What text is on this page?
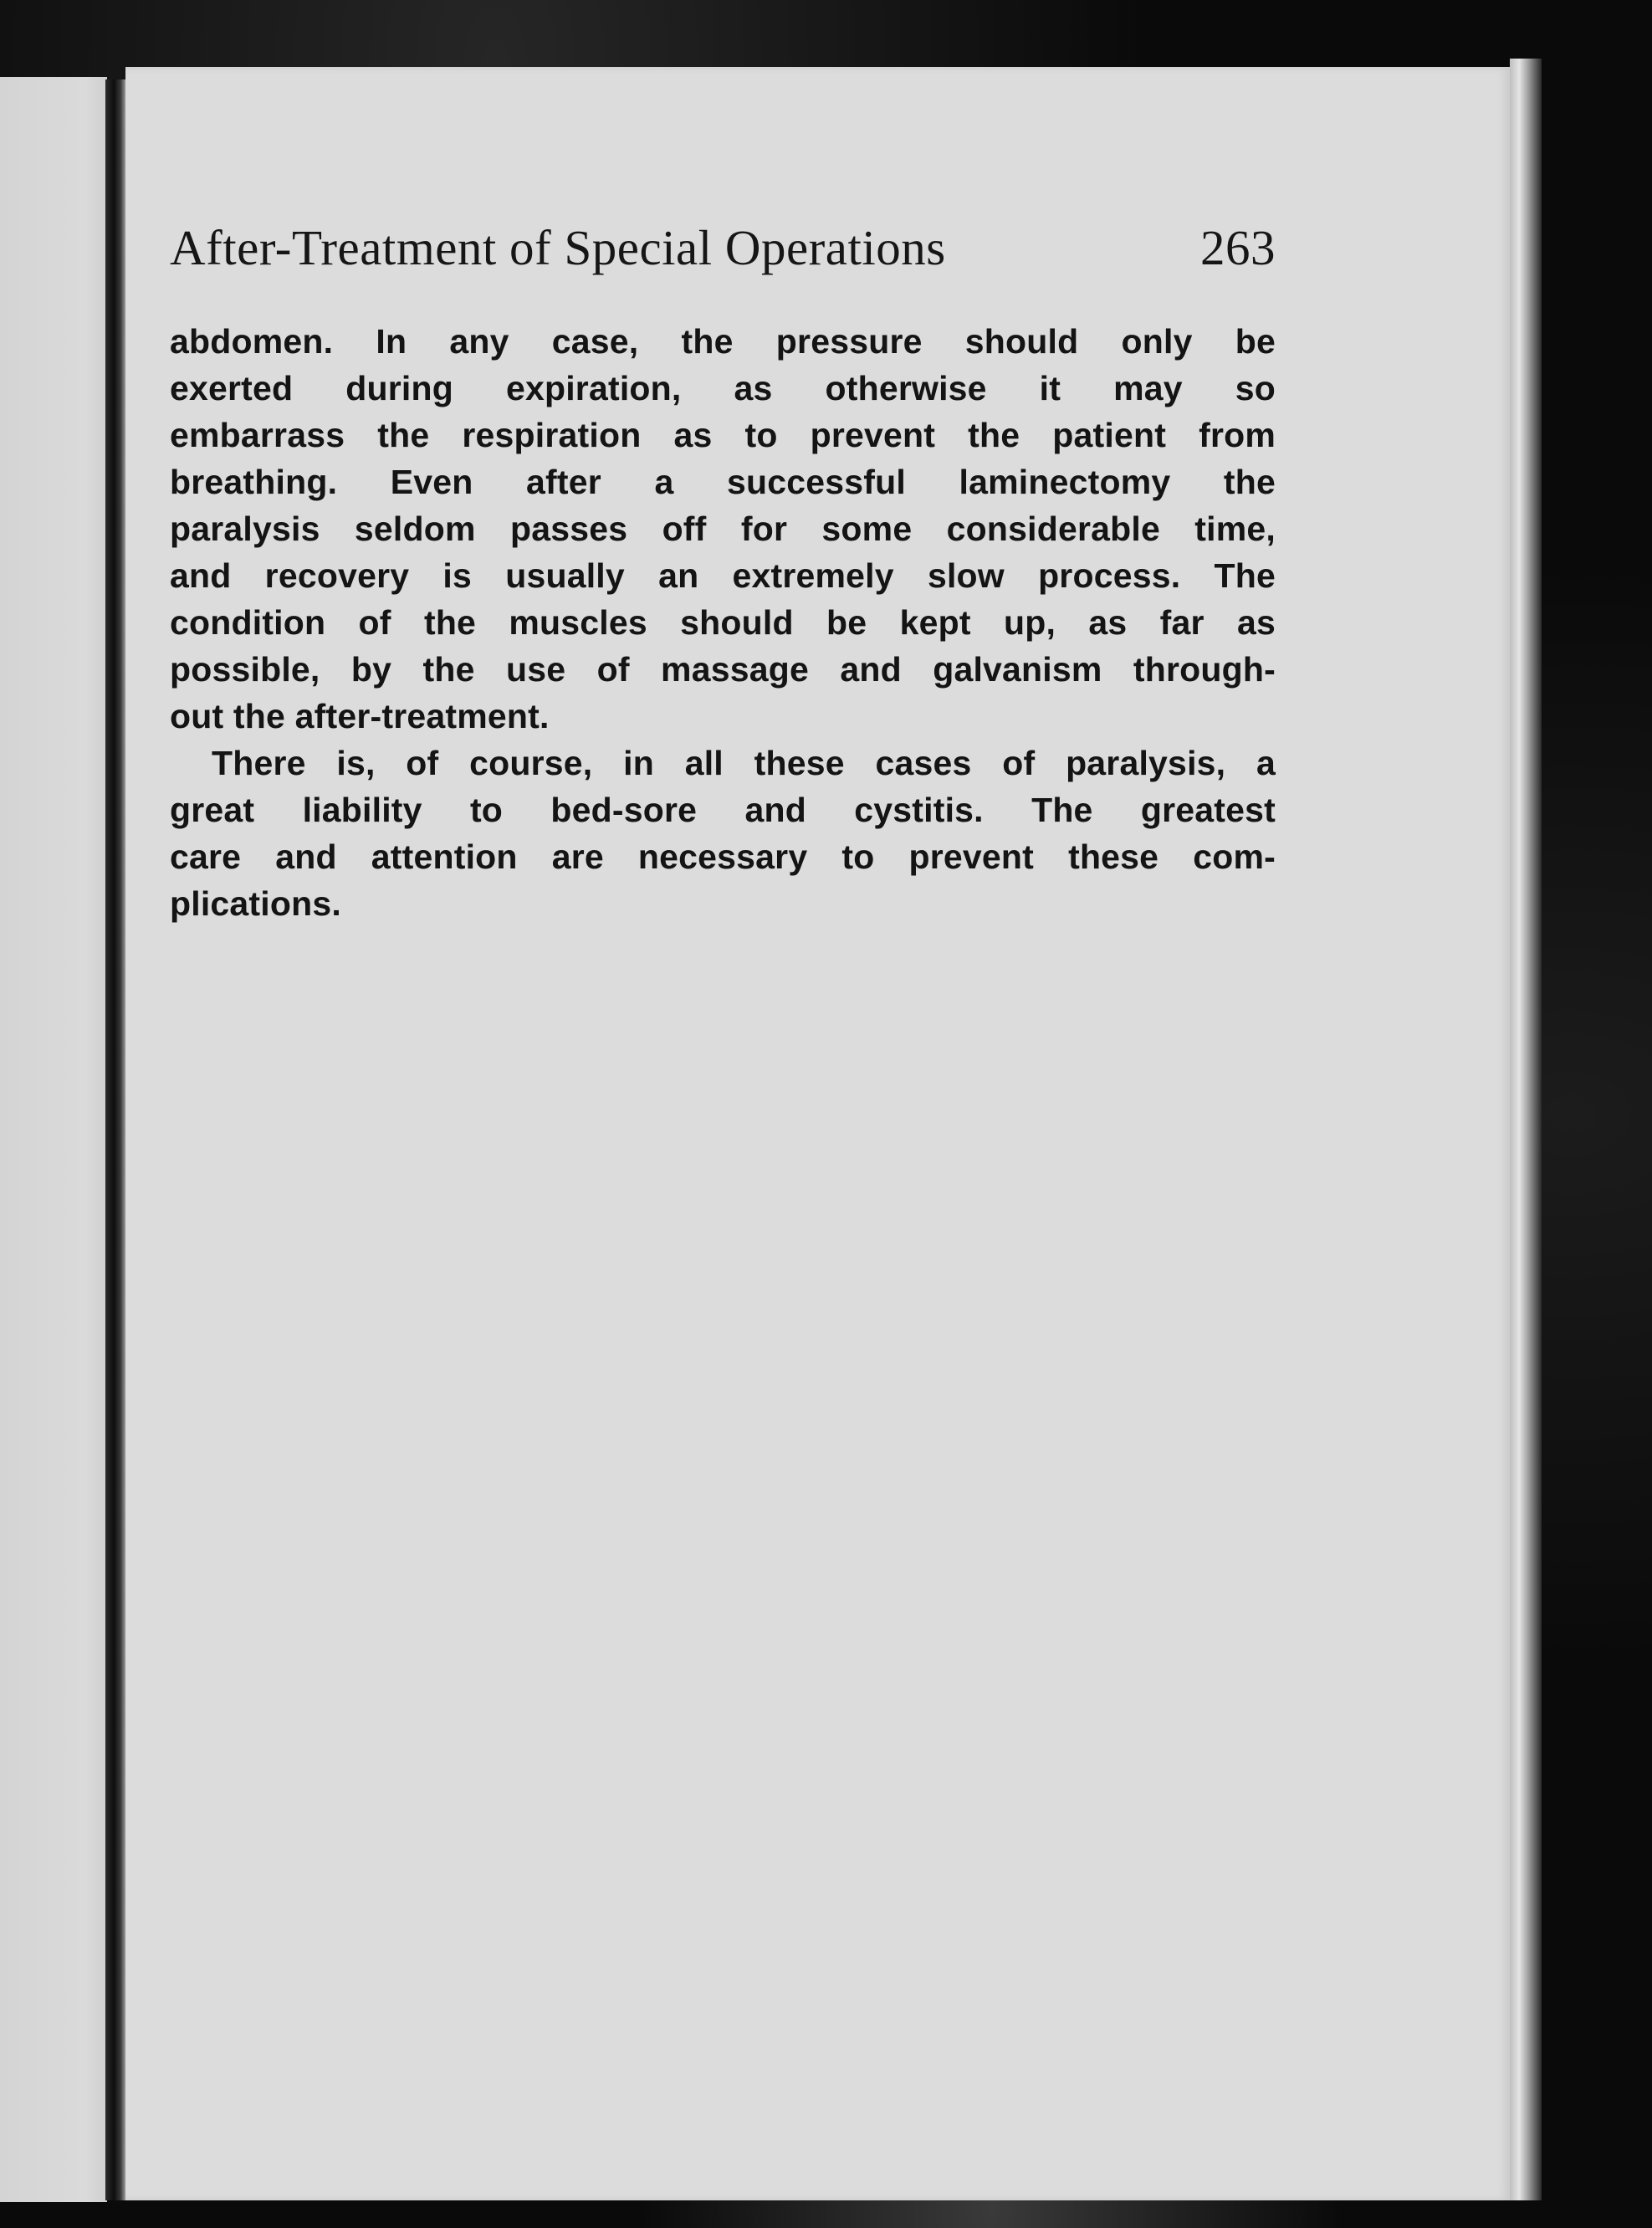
After-Treatment of Special Operations	263
abdomen. In any case, the pressure should only be
exerted during expiration, as otherwise it may so
embarrass the respiration as to prevent the patient from
breathing. Even after a successful laminectomy the
paralysis seldom passes off for some considerable time,
and recovery is usually an extremely slow process. The
condition of the muscles should be kept up, as far as
possible, by the use of massage and galvanism through-
out the after-treatment.
There is, of course, in all these cases of paralysis, a
great liability to bed-sore and cystitis. The greatest
care and attention are necessary to prevent these com-
plications.
